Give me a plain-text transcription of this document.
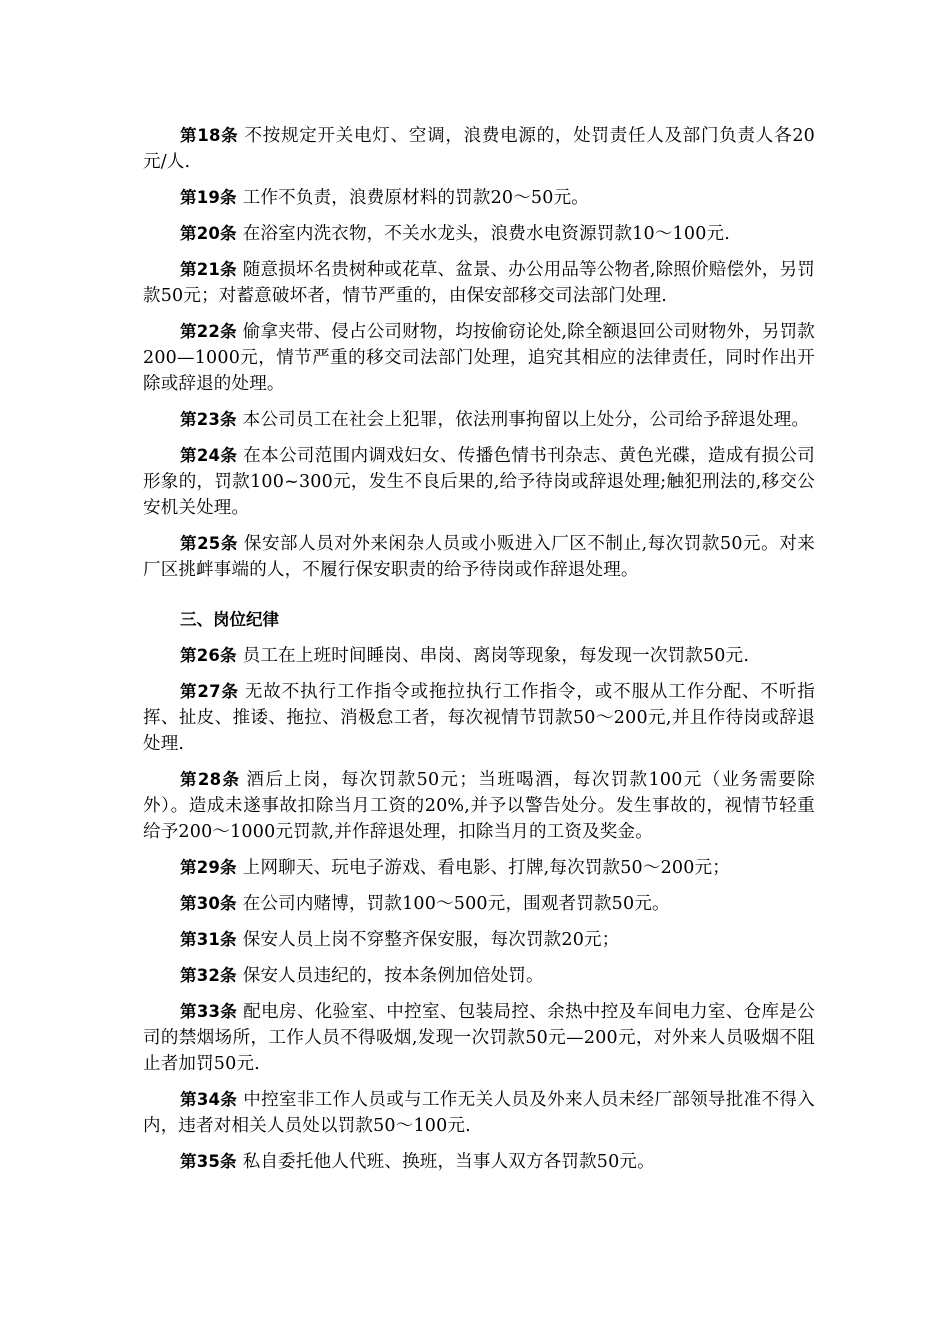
第18条 不按规定开关电灯、空调，浪费电源的，处罚责任人及部门负责人各20元/人.

第19条 工作不负责，浪费原材料的罚款20～50元。

第20条 在浴室内洗衣物，不关水龙头，浪费水电资源罚款10～100元.

第21条 随意损坏名贵树种或花草、盆景、办公用品等公物者,除照价赔偿外，另罚款50元；对蓄意破坏者，情节严重的，由保安部移交司法部门处理.

第22条 偷拿夹带、侵占公司财物，均按偷窃论处,除全额退回公司财物外，另罚款200—1000元，情节严重的移交司法部门处理，追究其相应的法律责任，同时作出开除或辞退的处理。

第23条 本公司员工在社会上犯罪，依法刑事拘留以上处分，公司给予辞退处理。

第24条 在本公司范围内调戏妇女、传播色情书刊杂志、黄色光碟，造成有损公司形象的，罚款100~300元，发生不良后果的,给予待岗或辞退处理;触犯刑法的,移交公安机关处理。

第25条 保安部人员对外来闲杂人员或小贩进入厂区不制止,每次罚款50元。对来厂区挑衅事端的人，不履行保安职责的给予待岗或作辞退处理。

三、岗位纪律

第26条 员工在上班时间睡岗、串岗、离岗等现象，每发现一次罚款50元.

第27条 无故不执行工作指令或拖拉执行工作指令，或不服从工作分配、不听指挥、扯皮、推诿、拖拉、消极怠工者，每次视情节罚款50～200元,并且作待岗或辞退处理.

第28条 酒后上岗，每次罚款50元；当班喝酒，每次罚款100元（业务需要除外）。造成未遂事故扣除当月工资的20%,并予以警告处分。发生事故的，视情节轻重给予200～1000元罚款,并作辞退处理，扣除当月的工资及奖金。

第29条 上网聊天、玩电子游戏、看电影、打牌,每次罚款50～200元；

第30条 在公司内赌博，罚款100～500元，围观者罚款50元。

第31条 保安人员上岗不穿整齐保安服，每次罚款20元；

第32条 保安人员违纪的，按本条例加倍处罚。

第33条 配电房、化验室、中控室、包装局控、余热中控及车间电力室、仓库是公司的禁烟场所，工作人员不得吸烟,发现一次罚款50元—200元，对外来人员吸烟不阻止者加罚50元.

第34条 中控室非工作人员或与工作无关人员及外来人员未经厂部领导批准不得入内，违者对相关人员处以罚款50～100元.

第35条 私自委托他人代班、换班，当事人双方各罚款50元。
